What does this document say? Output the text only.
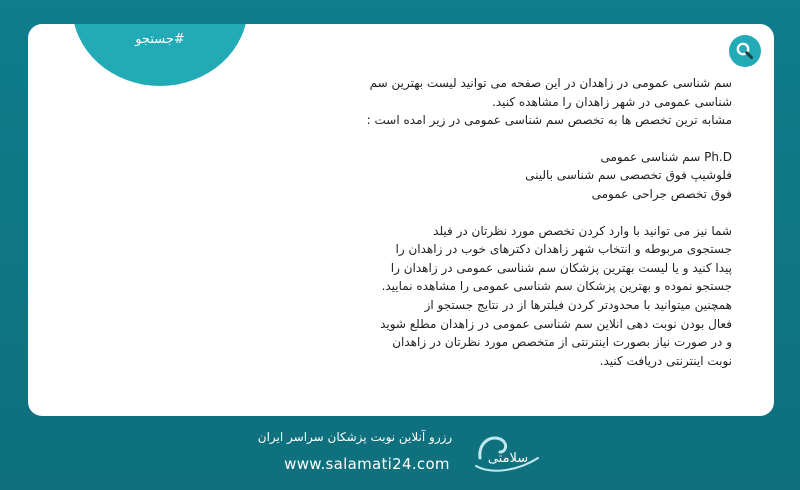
#جستجو

سم شناسی عمومی در زاهدان در این صفحه می توانید لیست بهترین سم

شناسی عمومی در شهر زاهدان را مشاهده کنید.

مشابه ترین تخصص ها به تخصص سم شناسی عمومی در زیر امده است :

Ph.D سم شناسی عمومی

فلوشیپ فوق تخصصی سم شناسی بالینی

فوق تخصص جراحی عمومی

شما نیز می توانید با وارد کردن تخصص مورد نظرتان در فیلد

جستجوی مربوطه و انتخاب شهر زاهدان دکترهای خوب در زاهدان را

پیدا کنید و یا لیست بهترین پزشکان سم شناسی عمومی در زاهدان را

جستجو نموده و بهترین پزشکان سم شناسی عمومی را مشاهده نمایید.

همچنین میتوانید با محدودتر کردن فیلترها از در نتایج جستجو از

فعال بودن نوبت دهی انلاین سم شناسی عمومی در زاهدان مطلع شوید

و در صورت نیاز بصورت اینترنتی از متخصص مورد نظرتان در زاهدان

نوبت اینترنتی دریافت کنید.

رزرو آنلاین نوبت پزشکان سراسر ایران
www.salamati24.com	سلامتی
